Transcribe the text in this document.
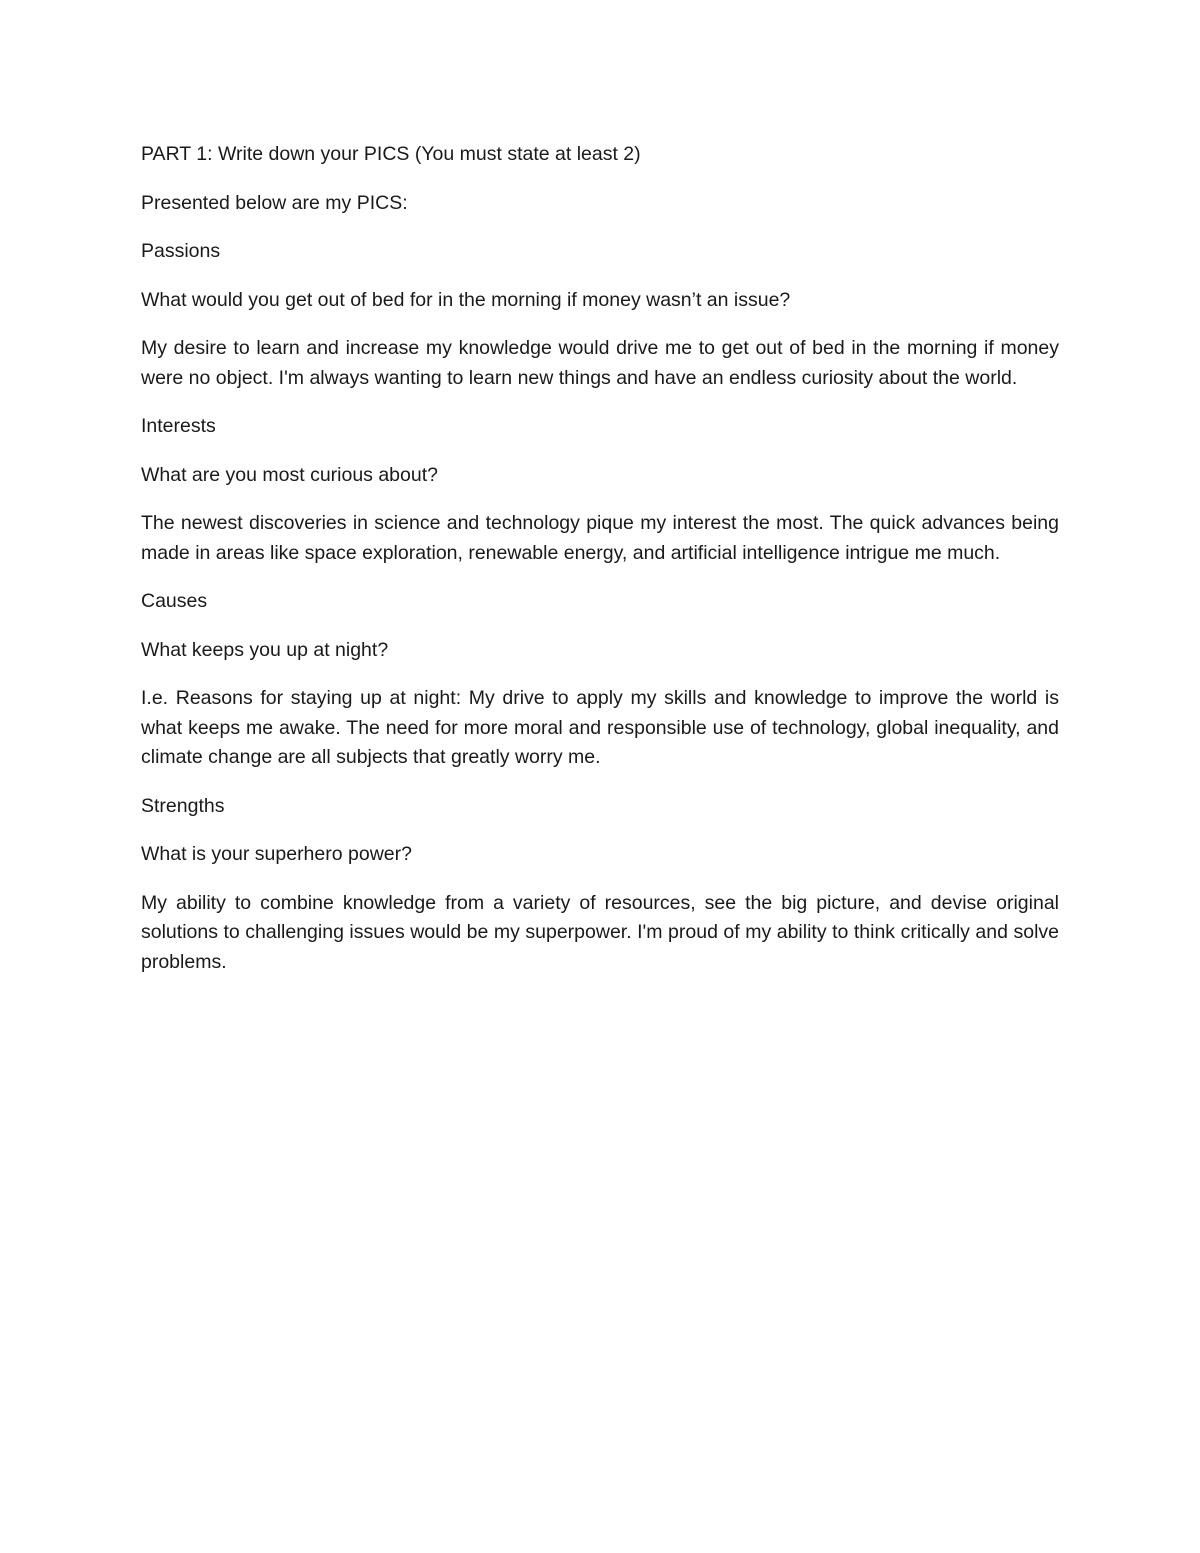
PART 1: Write down your PICS (You must state at least 2)

Presented below are my PICS:

Passions

What would you get out of bed for in the morning if money wasn’t an issue?

My desire to learn and increase my knowledge would drive me to get out of bed in the morning if money were no object. I'm always wanting to learn new things and have an endless curiosity about the world.

Interests

What are you most curious about?

The newest discoveries in science and technology pique my interest the most. The quick advances being made in areas like space exploration, renewable energy, and artificial intelligence intrigue me much.

Causes

What keeps you up at night?

I.e. Reasons for staying up at night: My drive to apply my skills and knowledge to improve the world is what keeps me awake. The need for more moral and responsible use of technology, global inequality, and climate change are all subjects that greatly worry me.

Strengths

What is your superhero power?

My ability to combine knowledge from a variety of resources, see the big picture, and devise original solutions to challenging issues would be my superpower. I'm proud of my ability to think critically and solve problems.
